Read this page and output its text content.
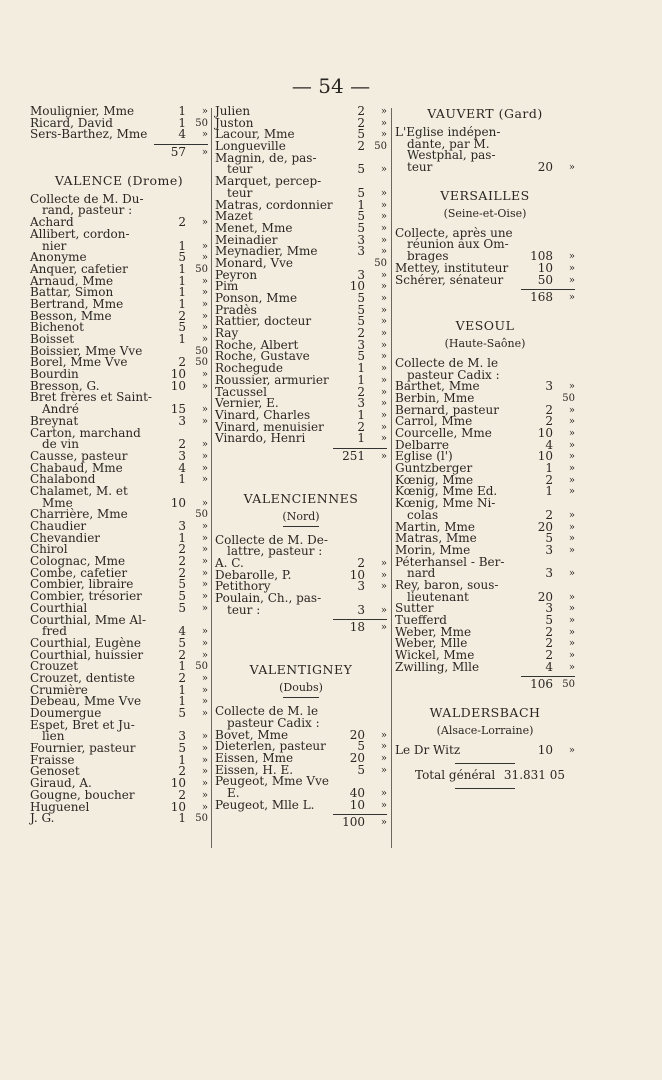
— 54 —
Moulignier, Mme	1	»
Ricard, David	1 50
Sers-Barthez, Mme	4	»
57	»
VALENCE (Drome)
Collecte de M. Du-
rand, pasteur :
Achard	2	»
Allibert, cordon-
nier	1	»
Anonyme	5	»
Anquer, cafetier	1 50
Arnaud, Mme	1	»
Battar, Simon	1	»
Bertrand, Mme	1	»
Besson, Mme	2	»
Bichenot	5	»
Boisset	1	»
Boissier, Mme Vve	50
Borel, Mme Vve	2 50
Bourdin	10	»
Bresson, G.	10	»
Bret frères et Saint-
André	15	»
Breynat	3	»
Carton, marchand
de vin	2	»
Causse, pasteur	3	»
Chabaud, Mme	4	»
Chalabond	1	»
Chalamet, M. et
Mme	10	»
Charrière, Mme	50
Chaudier	3	»
Chevandier	1	»
Chirol	2	»
Colognac, Mme	2	»
Combe, cafetier	2	»
Combier, libraire	5	»
Combier, trésorier	5	»
Courthial	5	»
Courthial, Mme Al-
fred	4	»
Courthial, Eugène	5	»
Courthial, huissier	2	»
Crouzet	1 50
Crouzet, dentiste	2	»
Crumière	1	»
Debeau, Mme Vve	1	»
Doumergue	5	»
Espet, Bret et Ju-
lien	3	»
Fournier, pasteur	5	»
Fraisse	1	»
Genoset	2	»
Giraud, A.	10	»
Gougne, boucher	2	»
Huguenel	10	»
J. G.	1 50
Julien	2	»
Juston	2	»
Lacour, Mme	5	»
Longueville	2 50
Magnin, de, pas-
teur	5	»
Marquet, percep-
teur	5	»
Matras, cordonnier	1	»
Mazet	5	»
Menet, Mme	5	»
Meinadier	3	»
Meynadier, Mme	3	»
Monard, Vve	50
Peyron	3	»
Pim	10	»
Ponson, Mme	5	»
Pradès	5	»
Rattier, docteur	5	»
Ray	2	»
Roche, Albert	3	»
Roche, Gustave	5	»
Rochegude	1	»
Roussier, armurier	1	»
Tacussel	2	»
Vernier, E.	3	»
Vinard, Charles	1	»
Vinard, menuisier	2	»
Vinardo, Henri	1	»
251	»
VALENCIENNES
(Nord)
Collecte de M. De-
lattre, pasteur :
A. C.	2	»
Debarolle, P.	10	»
Petithory	3	»
Poulain, Ch., pas-
teur :	3	»
18	»
VALENTIGNEY
(Doubs)
Collecte de M. le
pasteur Cadix :
Bovet, Mme	20	»
Dieterlen, pasteur	5	»
Eissen, Mme	20	»
Eissen, H. E.	5	»
Peugeot, Mme Vve
E.	40	»
Peugeot, Mlle L.	10	»
100	»
VAUVERT (Gard)
L'Eglise indépen-
dante, par M.
Westphal, pas-
teur	20	»
VERSAILLES
(Seine-et-Oise)
Collecte, après une
réunion aux Om-
brages	108	»
Mettey, instituteur	10	»
Schérer, sénateur	50	»
168	»
VESOUL
(Haute-Saône)
Collecte de M. le
pasteur Cadix :
Barthet, Mme	3	»
Berbin, Mme	50
Bernard, pasteur	2	»
Carrol, Mme	2	»
Courcelle, Mme	10	»
Delbarre	4	»
Eglise (l')	10	»
Guntzberger	1	»
Kœnig, Mme	2	»
Kœnig, Mme Ed.	1	»
Kœnig, Mme Ni-
colas	2	»
Martin, Mme	20	»
Matras, Mme	5	»
Morin, Mme	3	»
Péterhansel - Ber-
nard	3	»
Rey, baron, sous-
lieutenant	20	»
Sutter	3	»
Tuefferd	5	»
Weber, Mme	2	»
Weber, Mlle	2	»
Wickel, Mme	2	»
Zwilling, Mlle	4	»
106 50
WALDERSBACH
(Alsace-Lorraine)
Le Dr Witz	10	»
Total général 31.831 05
